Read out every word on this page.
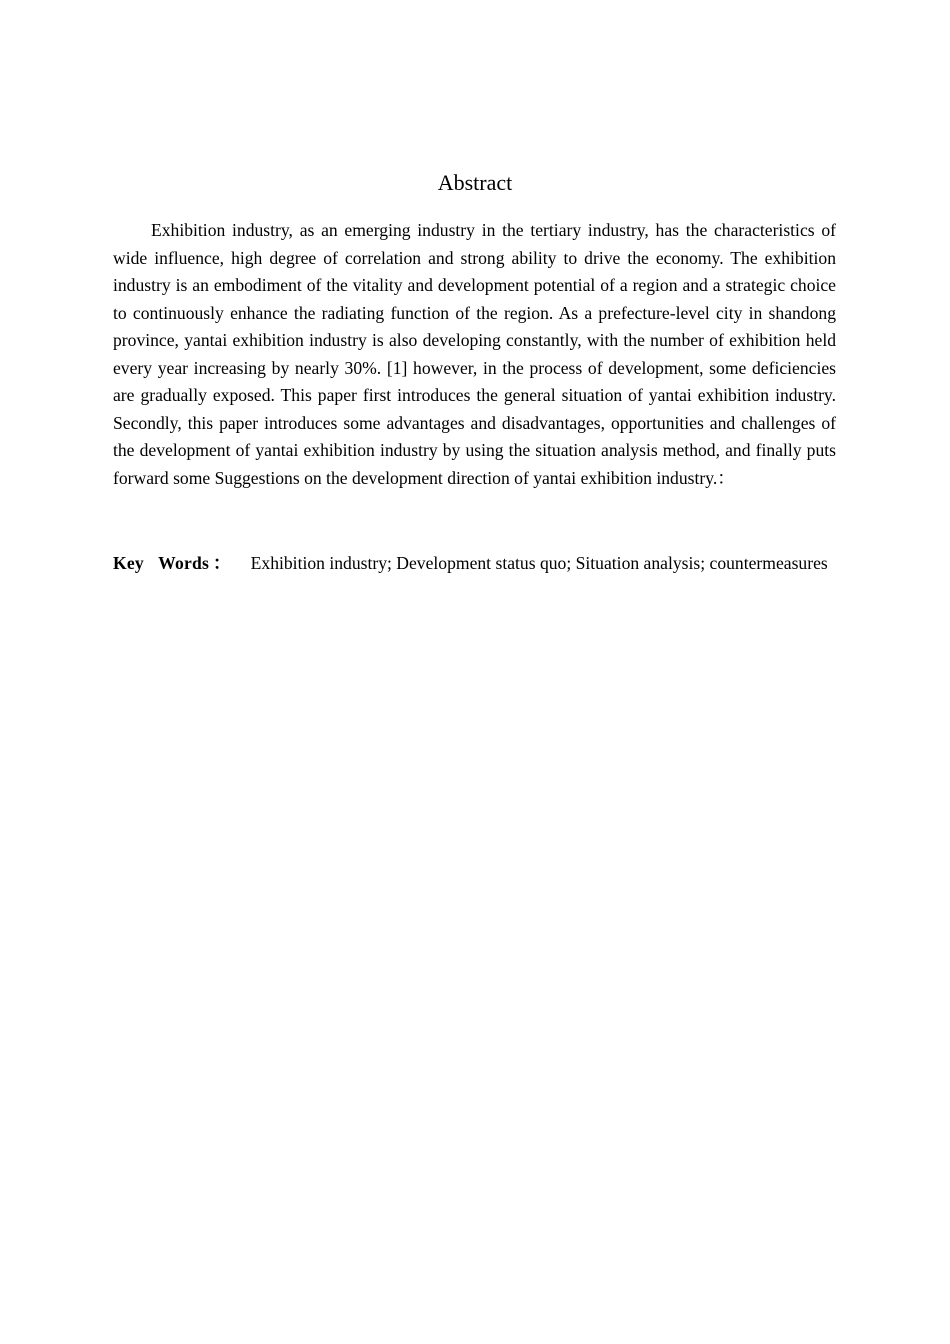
Abstract

Exhibition industry, as an emerging industry in the tertiary industry, has the characteristics of wide influence, high degree of correlation and strong ability to drive the economy. The exhibition industry is an embodiment of the vitality and development potential of a region and a strategic choice to continuously enhance the radiating function of the region. As a prefecture-level city in shandong province, yantai exhibition industry is also developing constantly, with the number of exhibition held every year increasing by nearly 30%. [1] however, in the process of development, some deficiencies are gradually exposed. This paper first introduces the general situation of yantai exhibition industry. Secondly, this paper introduces some advantages and disadvantages, opportunities and challenges of the development of yantai exhibition industry by using the situation analysis method, and finally puts forward some Suggestions on the development direction of yantai exhibition industry.：

Key Words ： Exhibition industry; Development status quo; Situation analysis; countermeasures
